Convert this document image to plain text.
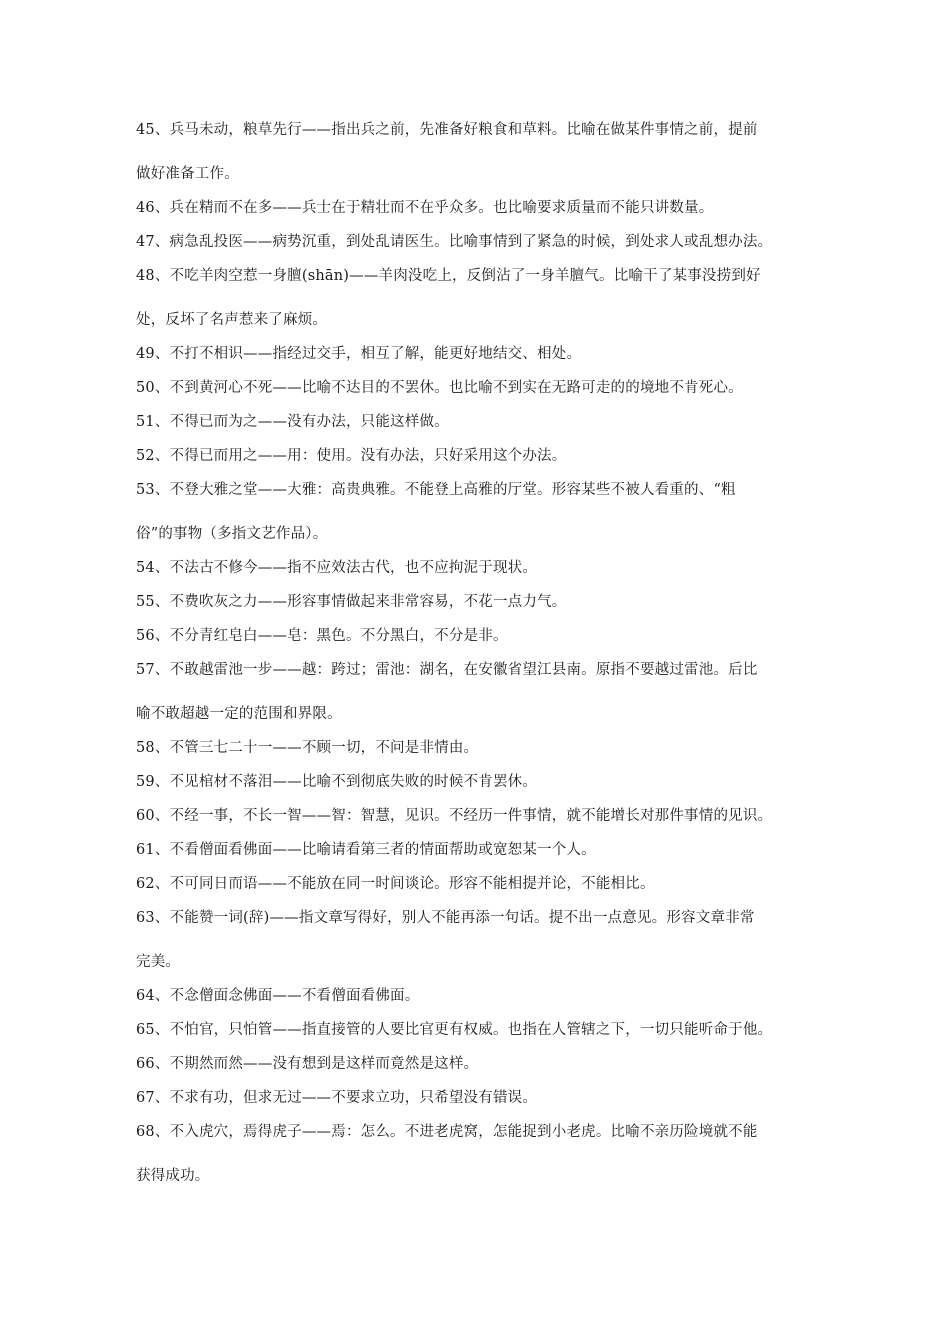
45、兵马未动，粮草先行——指出兵之前，先准备好粮食和草料。比喻在做某件事情之前，提前
做好准备工作。

46、兵在精而不在多——兵士在于精壮而不在乎众多。也比喻要求质量而不能只讲数量。

47、病急乱投医——病势沉重，到处乱请医生。比喻事情到了紧急的时候，到处求人或乱想办法。

48、不吃羊肉空惹一身膻(shān)——羊肉没吃上，反倒沾了一身羊膻气。比喻干了某事没捞到好
处，反坏了名声惹来了麻烦。

49、不打不相识——指经过交手，相互了解，能更好地结交、相处。

50、不到黄河心不死——比喻不达目的不罢休。也比喻不到实在无路可走的的境地不肯死心。

51、不得已而为之——没有办法，只能这样做。

52、不得已而用之——用：使用。没有办法，只好采用这个办法。

53、不登大雅之堂——大雅：高贵典雅。不能登上高雅的厅堂。形容某些不被人看重的、“粗
俗”的事物（多指文艺作品）。

54、不法古不修今——指不应效法古代，也不应拘泥于现状。

55、不费吹灰之力——形容事情做起来非常容易，不花一点力气。

56、不分青红皂白——皂：黑色。不分黑白，不分是非。

57、不敢越雷池一步——越：跨过；雷池：湖名，在安徽省望江县南。原指不要越过雷池。后比
喻不敢超越一定的范围和界限。

58、不管三七二十一——不顾一切，不问是非情由。

59、不见棺材不落泪——比喻不到彻底失败的时候不肯罢休。

60、不经一事，不长一智——智：智慧，见识。不经历一件事情，就不能增长对那件事情的见识。

61、不看僧面看佛面——比喻请看第三者的情面帮助或宽恕某一个人。

62、不可同日而语——不能放在同一时间谈论。形容不能相提并论，不能相比。

63、不能赞一词(辞)——指文章写得好，别人不能再添一句话。提不出一点意见。形容文章非常
完美。

64、不念僧面念佛面——不看僧面看佛面。

65、不怕官，只怕管——指直接管的人要比官更有权威。也指在人管辖之下，一切只能听命于他。

66、不期然而然——没有想到是这样而竟然是这样。

67、不求有功，但求无过——不要求立功，只希望没有错误。

68、不入虎穴，焉得虎子——焉：怎么。不进老虎窝，怎能捉到小老虎。比喻不亲历险境就不能
获得成功。
